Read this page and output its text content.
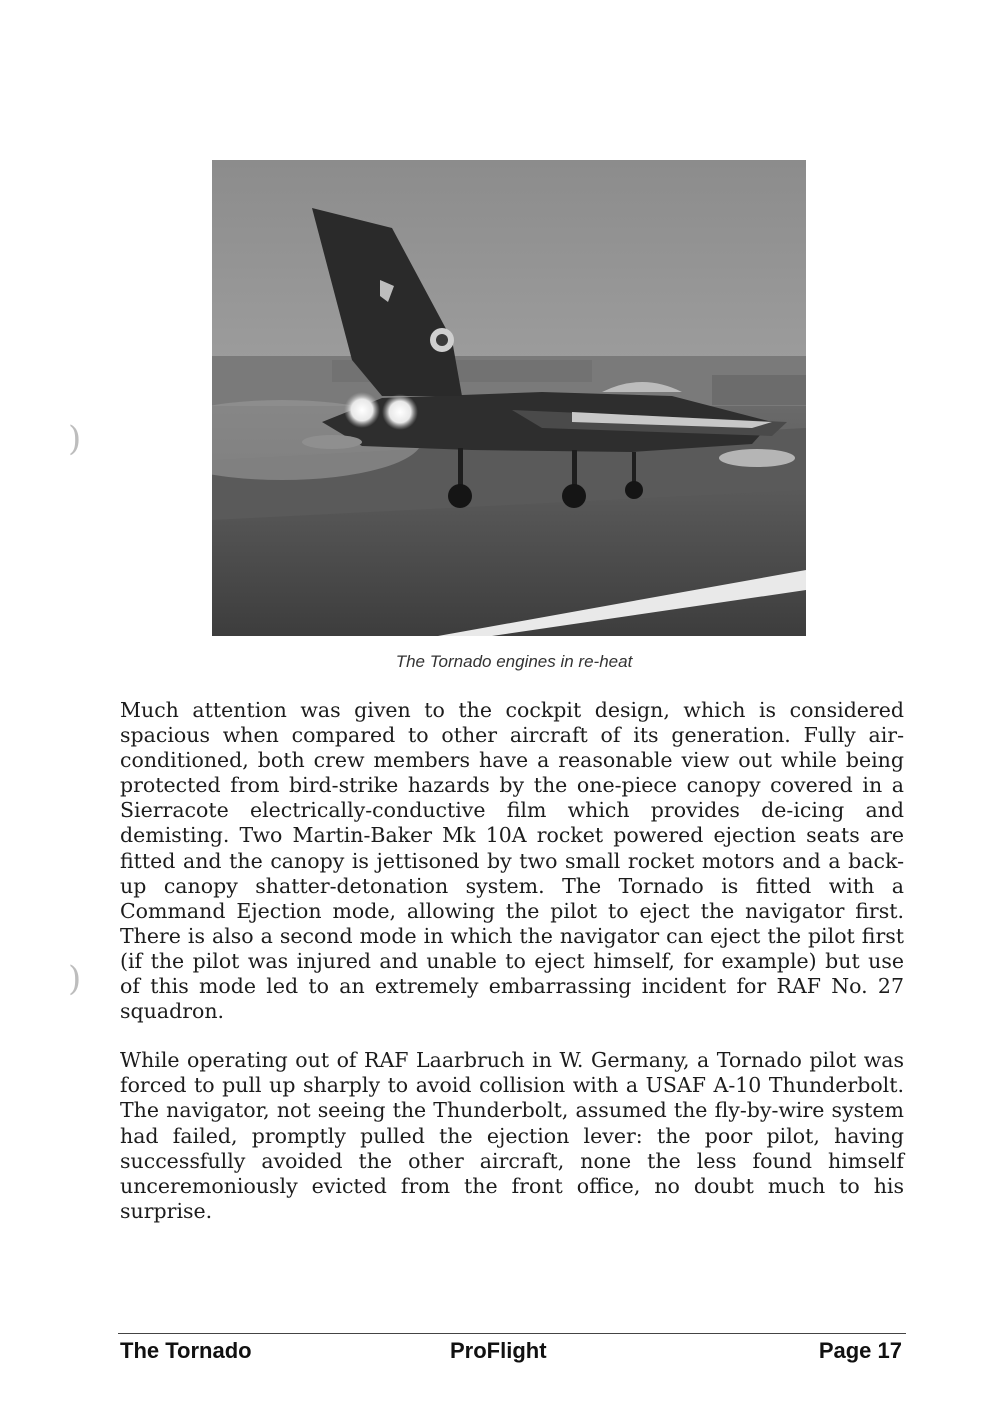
)
)
The Tornado engines in re-heat

Much attention was given to the cockpit design, which is considered spacious when compared to other aircraft of its generation. Fully air-conditioned, both crew members have a reasonable view out while being protected from bird-strike hazards by the one-piece canopy covered in a Sierracote electrically-conductive film which provides de-icing and demisting. Two Martin-Baker Mk 10A rocket powered ejection seats are fitted and the canopy is jettisoned by two small rocket motors and a back-up canopy shatter-detonation system. The Tornado is fitted with a Command Ejection mode, allowing the pilot to eject the navigator first. There is also a second mode in which the navigator can eject the pilot first (if the pilot was injured and unable to eject himself, for example) but use of this mode led to an extremely embarrassing incident for RAF No. 27 squadron.

While operating out of RAF Laarbruch in W. Germany, a Tornado pilot was forced to pull up sharply to avoid collision with a USAF A-10 Thunderbolt. The navigator, not seeing the Thunderbolt, assumed the fly-by-wire system had failed, promptly pulled the ejection lever: the poor pilot, having successfully avoided the other aircraft, none the less found himself unceremoniously evicted from the front office, no doubt much to his surprise.

The Tornado	ProFlight	Page 17
